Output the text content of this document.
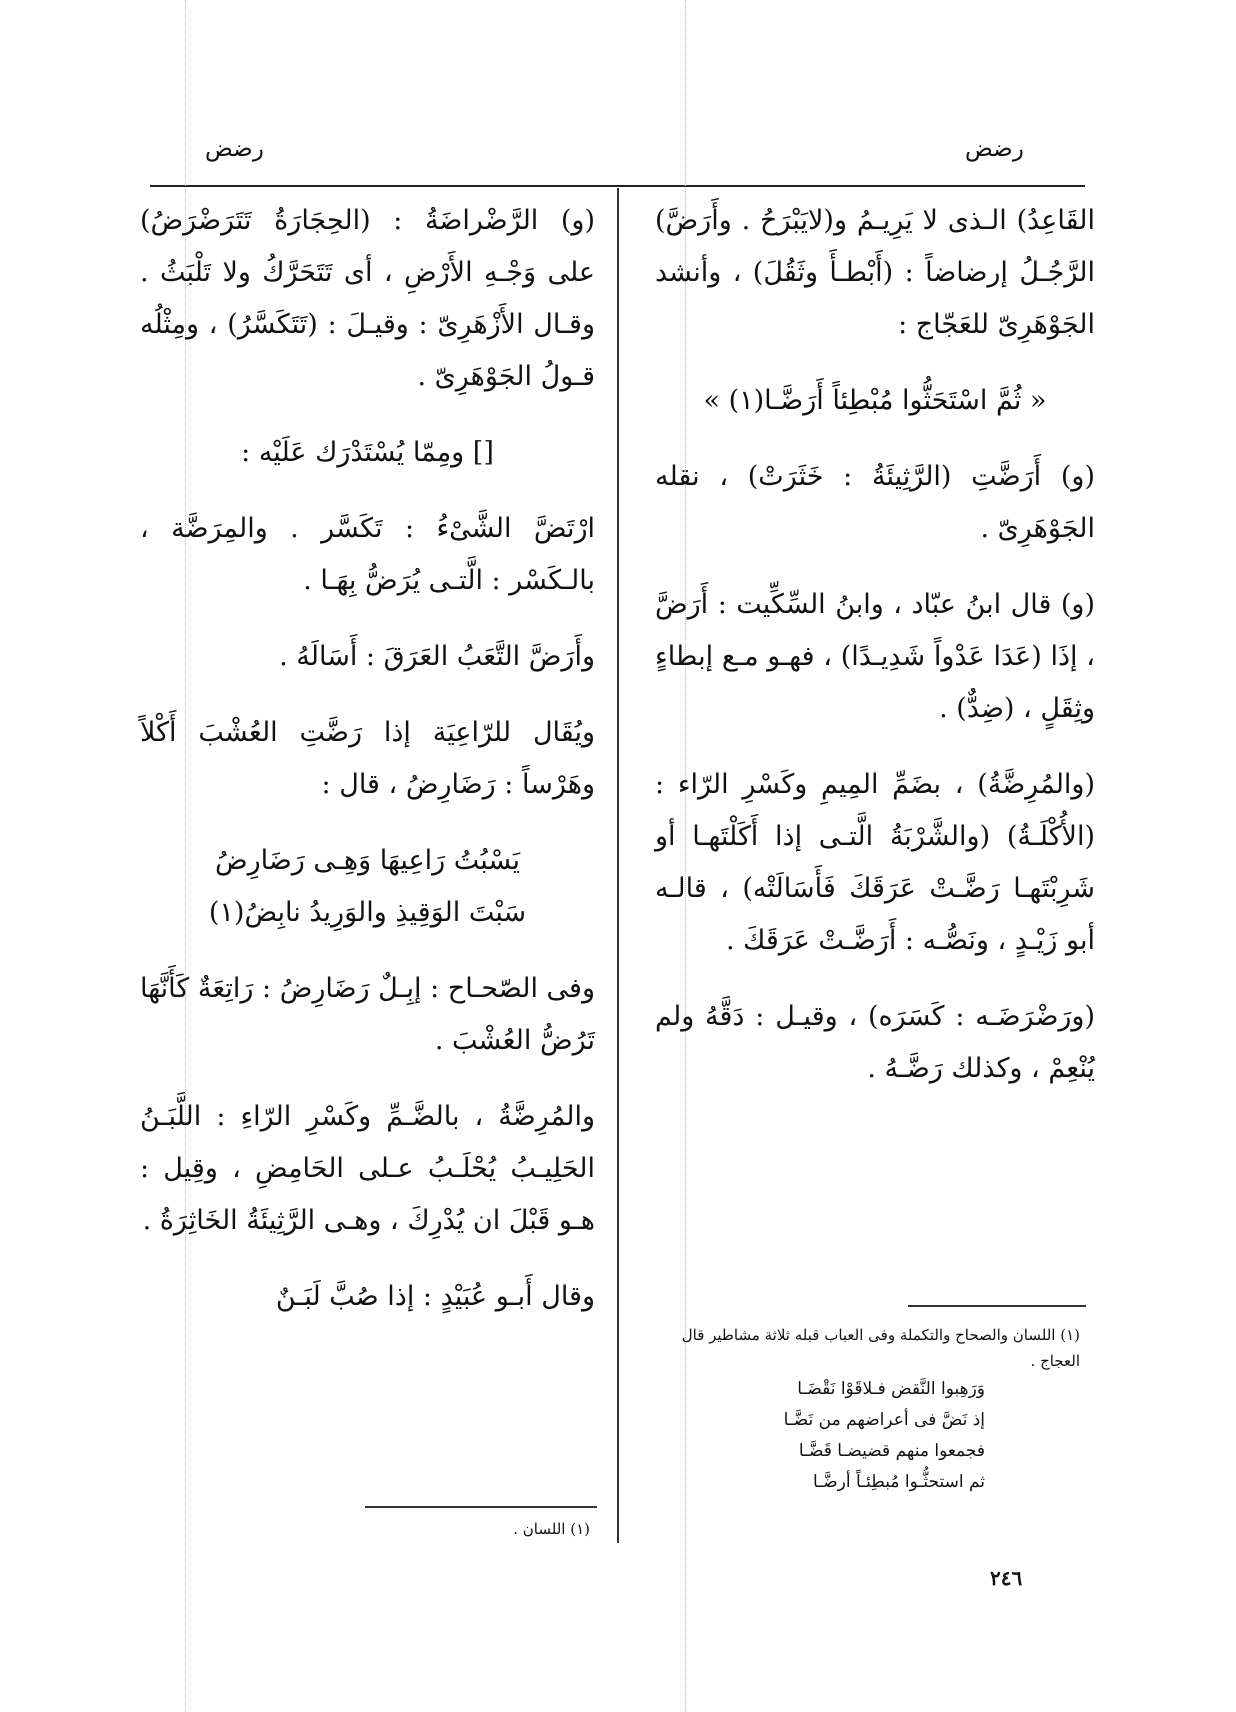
رضض
رضض

القَاعِدُ) الـذى لا يَرِيـمُ و(لايَبْرَحُ . وأَرَضَّ) الرَّجُـلُ إرضاضاً : (أَبْطـأَ وثَقُلَ) ، وأنشد الجَوْهَرِىّ للعَجّاج :

« ثُمَّ اسْتَحَثُّوا مُبْطِئاً أَرَضَّـا(١) »

(و) أَرَضَّتِ (الرَّثِيئَةُ : خَثَرَتْ) ، نقله الجَوْهَرِىّ .

(و) قال ابنُ عبّاد ، وابنُ السِّكِّيت : أَرَضَّ ، إذَا (عَدَا عَدْواً شَدِيـدًا) ، فهـو مـع إبطاءٍ وثِقَلٍ ، (ضِدٌّ) .

(والمُرِضَّةُ) ، بضَمِّ المِيمِ وكَسْرِ الرّاء : (الأُكْلَـةُ) (والشَّرْبَةُ الَّتـى إذا أَكَلْتَهـا أو شَرِبْتَهـا رَضَّـتْ عَرَقَكَ فَأَسَالَتْه) ، قالـه أبو زَيْـدٍ ، ونَصُّـه : أَرَضَّـتْ عَرَقَكَ .

(ورَضْرَضَـه : كَسَرَه) ، وقيـل : دَقَّهُ ولم يُنْعِمْ ، وكذلك رَضَّـهُ .

(و) الرَّضْراضَةُ : (الحِجَارَةُ تَتَرَضْرَضُ) على وَجْـهِ الأَرْضِ ، أى تَتَحَرَّكُ ولا تَلْبَثُ . وقـال الأَزْهَرِىّ : وقيـلَ : (تَتَكَسَّرُ) ، ومِثْلُه قـولُ الجَوْهَرِىّ .

[] ومِمّا يُسْتَدْرَك عَلَيْه :

ارْتَضَّ الشَّىْءُ : تَكَسَّر . والمِرَضَّة ، بالـكَسْر : الَّتـى يُرَضُّ بِهَـا .

وأَرَضَّ التَّعَبُ العَرَقَ : أَسَالَهُ .

ويُقَال للرّاعِيَة إذا رَضَّتِ العُشْبَ أَكْلاً وهَرْساً : رَضَارِضُ ، قال :

يَسْبُتُ رَاعِيهَا وَهِـى رَضَارِضُ

سَبْتَ الوَقِيذِ والوَرِيدُ نابِضُ(١)

وفى الصّحـاح : إبِـلٌ رَضَارِضُ : رَاتِعَةٌ كَأَنَّهَا تَرُضُّ العُشْبَ .

والمُرِضَّةُ ، بالضَّـمِّ وكَسْرِ الرّاءِ : اللَّبَـنُ الحَلِيـبُ يُحْلَـبُ عـلى الحَامِضِ ، وقِيل : هـو قَبْلَ ان يُدْرِكَ ، وهـى الرَّثِيئَةُ الخَاثِرَةُ .

وقال أَبـو عُبَيْدٍ : إذا صُبَّ لَبَـنٌ

(١) اللسان والصحاح والتكملة وفى العباب قبله ثلاثة مشاطير قال العجاج .
وَرَهِبوا النَّقض فـلاقَوْا نَقْضَـا
إذ نَضَّ فى أعراضهم من نَضَّـا
فجمعوا منهم قضيضـا قَضَّـا
ثم استحثُّـوا مُبطِئـاً أرضَّـا
(١) اللسان .
٢٤٦
